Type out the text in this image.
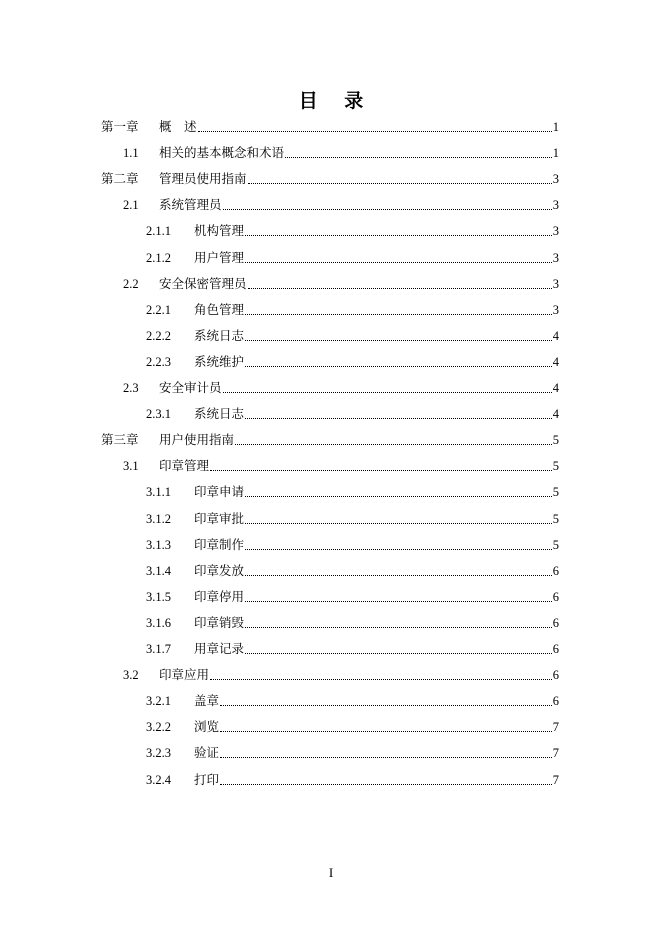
目 录
第一章	概　述	1
1.1	相关的基本概念和术语	1
第二章	管理员使用指南	3
2.1	系统管理员	3
2.1.1	机构管理	3
2.1.2	用户管理	3
2.2	安全保密管理员	3
2.2.1	角色管理	3
2.2.2	系统日志	4
2.2.3	系统维护	4
2.3	安全审计员	4
2.3.1	系统日志	4
第三章	用户使用指南	5
3.1	印章管理	5
3.1.1	印章申请	5
3.1.2	印章审批	5
3.1.3	印章制作	5
3.1.4	印章发放	6
3.1.5	印章停用	6
3.1.6	印章销毁	6
3.1.7	用章记录	6
3.2	印章应用	6
3.2.1	盖章	6
3.2.2	浏览	7
3.2.3	验证	7
3.2.4	打印	7
I
